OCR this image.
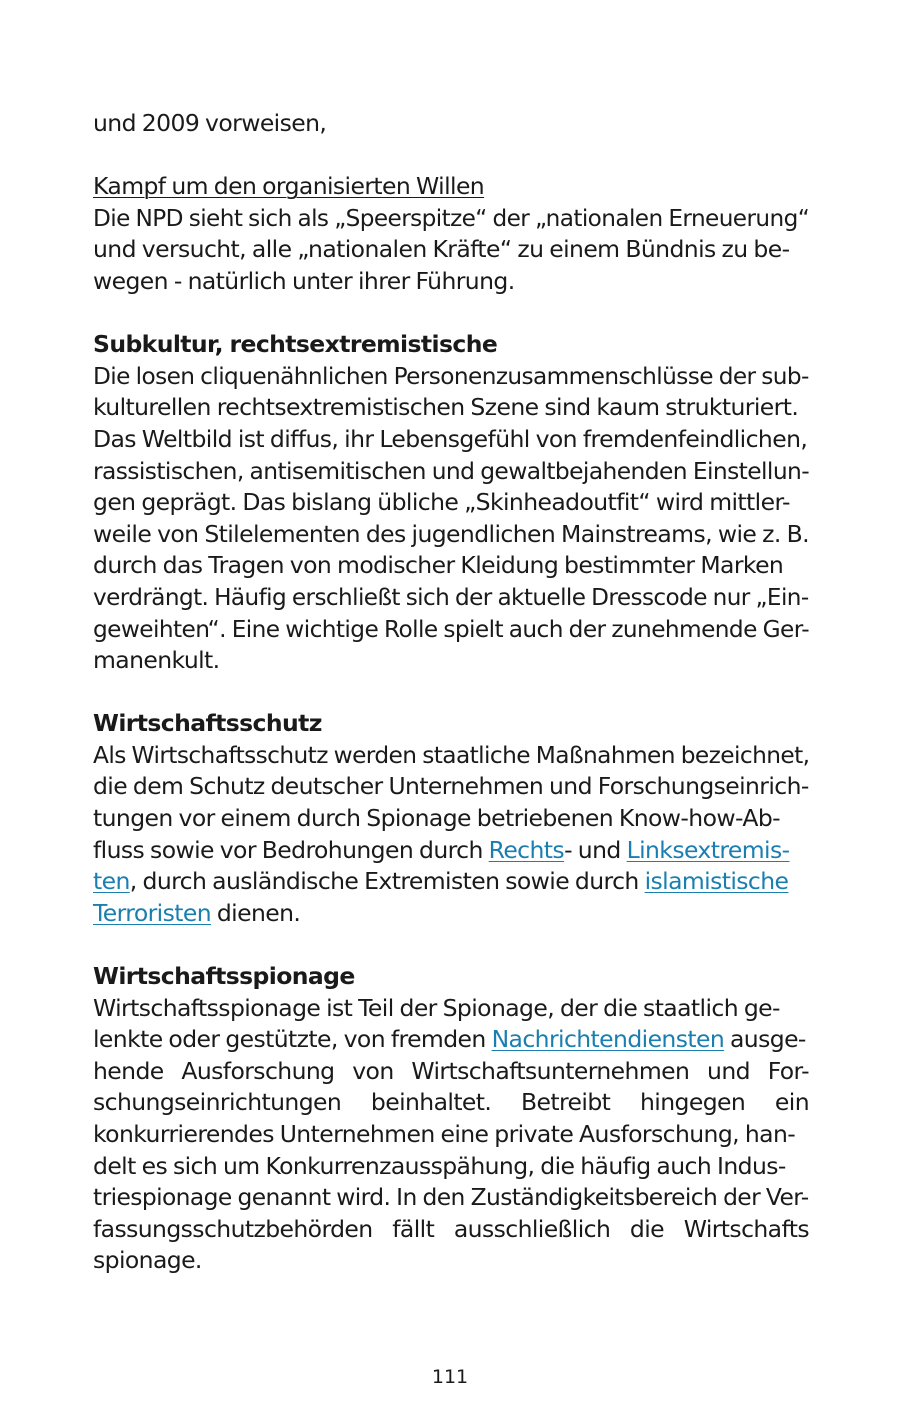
und 2009 vorweisen,
Kampf um den organisierten Willen
Die NPD sieht sich als „Speerspitze“ der „nationalen Erneuerung“
und versucht, alle „nationalen Kräfte“ zu einem Bündnis zu be-
wegen - natürlich unter ihrer Führung.
Subkultur, rechtsextremistische
Die losen cliquenähnlichen Personenzusammenschlüsse der sub-
kulturellen rechtsextremistischen Szene sind kaum strukturiert.
Das Weltbild ist diffus, ihr Lebensgefühl von fremdenfeindlichen,
rassistischen, antisemitischen und gewaltbejahenden Einstellun-
gen geprägt. Das bislang übliche „Skinheadoutfit“ wird mittler-
weile von Stilelementen des jugendlichen Mainstreams, wie z. B.
durch das Tragen von modischer Kleidung bestimmter Marken
verdrängt. Häufig erschließt sich der aktuelle Dresscode nur „Ein-
geweihten“. Eine wichtige Rolle spielt auch der zunehmende Ger-
manenkult.
Wirtschaftsschutz
Als Wirtschaftsschutz werden staatliche Maßnahmen bezeichnet,
die dem Schutz deutscher Unternehmen und Forschungseinrich-
tungen vor einem durch Spionage betriebenen Know-how-Ab-
fluss sowie vor Bedrohungen durch Rechts- und Linksextremis-
ten, durch ausländische Extremisten sowie durch islamistische
Terroristen dienen.
Wirtschaftsspionage
Wirtschaftsspionage ist Teil der Spionage, der die staatlich ge-
lenkte oder gestützte, von fremden Nachrichtendiensten ausge-
hende Ausforschung von Wirtschaftsunternehmen und For-
schungseinrichtungen beinhaltet. Betreibt hingegen ein
konkurrierendes Unternehmen eine private Ausforschung, han-
delt es sich um Konkurrenzausspähung, die häufig auch Indus-
triespionage genannt wird. In den Zuständigkeitsbereich der Ver-
fassungsschutzbehörden fällt ausschließlich die Wirtschafts
spionage.
111
